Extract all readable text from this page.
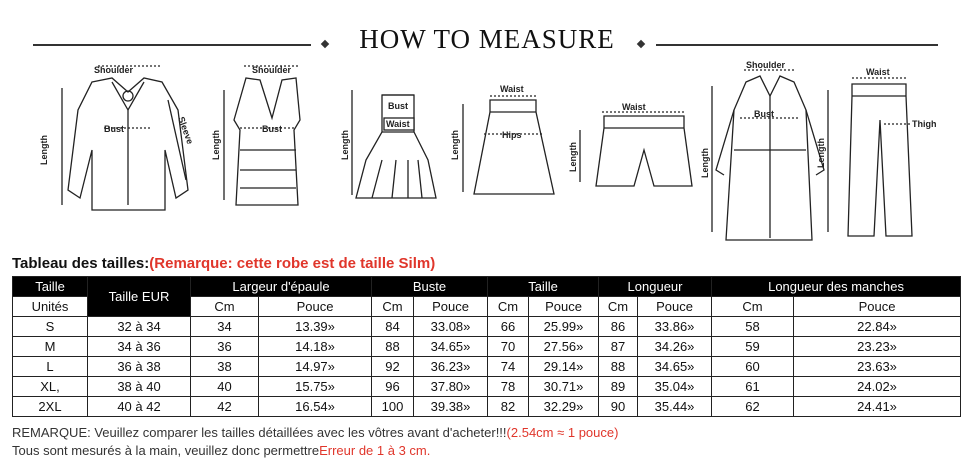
HOW TO MEASURE
Shoulder
Bust	Sleeve
Length
Shoulder
Bust
Length
Bust
Waist
Length
Waist
Hips
Length
Waist
Length
Shoulder
Bust
Length
Waist
Thigh
Length
Tableau des tailles:(Remarque: cette robe est de taille Silm)
Taille	Taille EUR	Largeur d'épaule		Buste		Taille		Longueur		Longueur des manches	
Unités		Cm	Pouce	Cm	Pouce	Cm	Pouce	Cm	Pouce	Cm	Pouce
S	32 à 34	34	13.39»	84	33.08»	66	25.99»	86	33.86»	58	22.84»
M	34 à 36	36	14.18»	88	34.65»	70	27.56»	87	34.26»	59	23.23»
L	36 à 38	38	14.97»	92	36.23»	74	29.14»	88	34.65»	60	23.63»
XL,	38 à 40	40	15.75»	96	37.80»	78	30.71»	89	35.04»	61	24.02»
2XL	40 à 42	42	16.54»	100	39.38»	82	32.29»	90	35.44»	62	24.41»
REMARQUE: Veuillez comparer les tailles détaillées avec les vôtres avant d'acheter!!!(2.54cm ≈ 1 pouce)
Tous sont mesurés à la main, veuillez donc permettreErreur de 1 à 3 cm.
